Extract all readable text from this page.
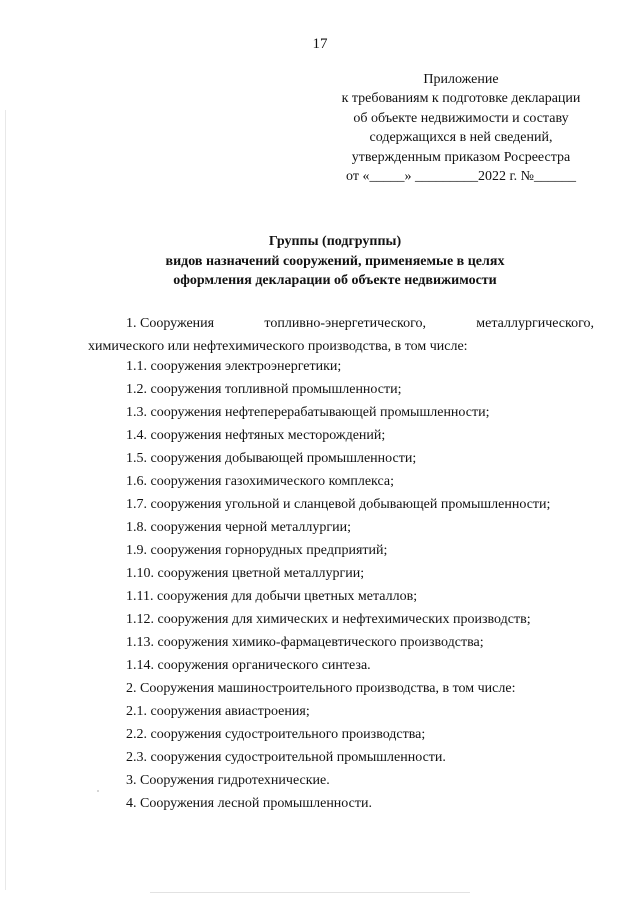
17
Приложение
к требованиям к подготовке декларации
об объекте недвижимости и составу
содержащихся в ней сведений,
утвержденным приказом Росреестра
от «_____» _________2022 г. №______
Группы (подгруппы)
видов назначений сооружений, применяемые в целях
оформления декларации об объекте недвижимости
1. Сооружения	топливно-энергетического,	металлургического,
химического или нефтехимического производства, в том числе:
1.1. сооружения электроэнергетики;
1.2. сооружения топливной промышленности;
1.3. сооружения нефтеперерабатывающей промышленности;
1.4. сооружения нефтяных месторождений;
1.5. сооружения добывающей промышленности;
1.6. сооружения газохимического комплекса;
1.7. сооружения угольной и сланцевой добывающей промышленности;
1.8. сооружения черной металлургии;
1.9. сооружения горнорудных предприятий;
1.10. сооружения цветной металлургии;
1.11. сооружения для добычи цветных металлов;
1.12. сооружения для химических и нефтехимических производств;
1.13. сооружения химико-фармацевтического производства;
1.14. сооружения органического синтеза.
2. Сооружения машиностроительного производства, в том числе:
2.1. сооружения авиастроения;
2.2. сооружения судостроительного производства;
2.3. сооружения судостроительной промышленности.
3. Сооружения гидротехнические.
4. Сооружения лесной промышленности.
